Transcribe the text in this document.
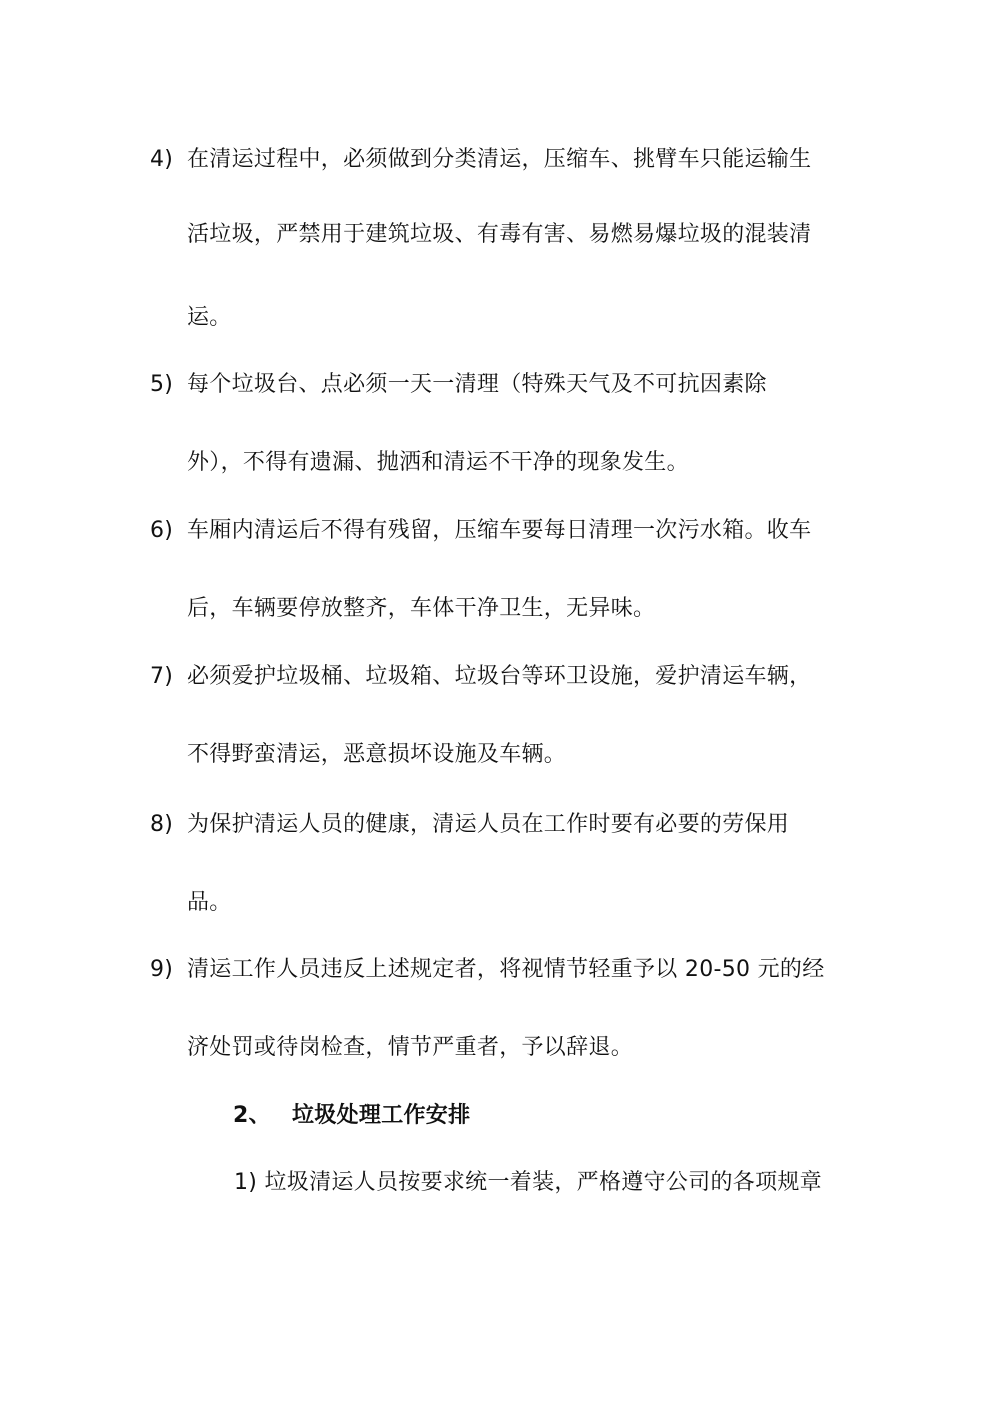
4) 在清运过程中，必须做到分类清运，压缩车、挑臂车只能运输生
活垃圾，严禁用于建筑垃圾、有毒有害、易燃易爆垃圾的混装清
运。
5) 每个垃圾台、点必须一天一清理（特殊天气及不可抗因素除
外），不得有遗漏、抛洒和清运不干净的现象发生。
6) 车厢内清运后不得有残留，压缩车要每日清理一次污水箱。收车
后，车辆要停放整齐，车体干净卫生，无异味。
7) 必须爱护垃圾桶、垃圾箱、垃圾台等环卫设施，爱护清运车辆，
不得野蛮清运，恶意损坏设施及车辆。
8) 为保护清运人员的健康，清运人员在工作时要有必要的劳保用
品。
9) 清运工作人员违反上述规定者，将视情节轻重予以 20-50 元的经
济处罚或待岗检查，情节严重者，予以辞退。
2、 垃圾处理工作安排
1) 垃圾清运人员按要求统一着装，严格遵守公司的各项规章
